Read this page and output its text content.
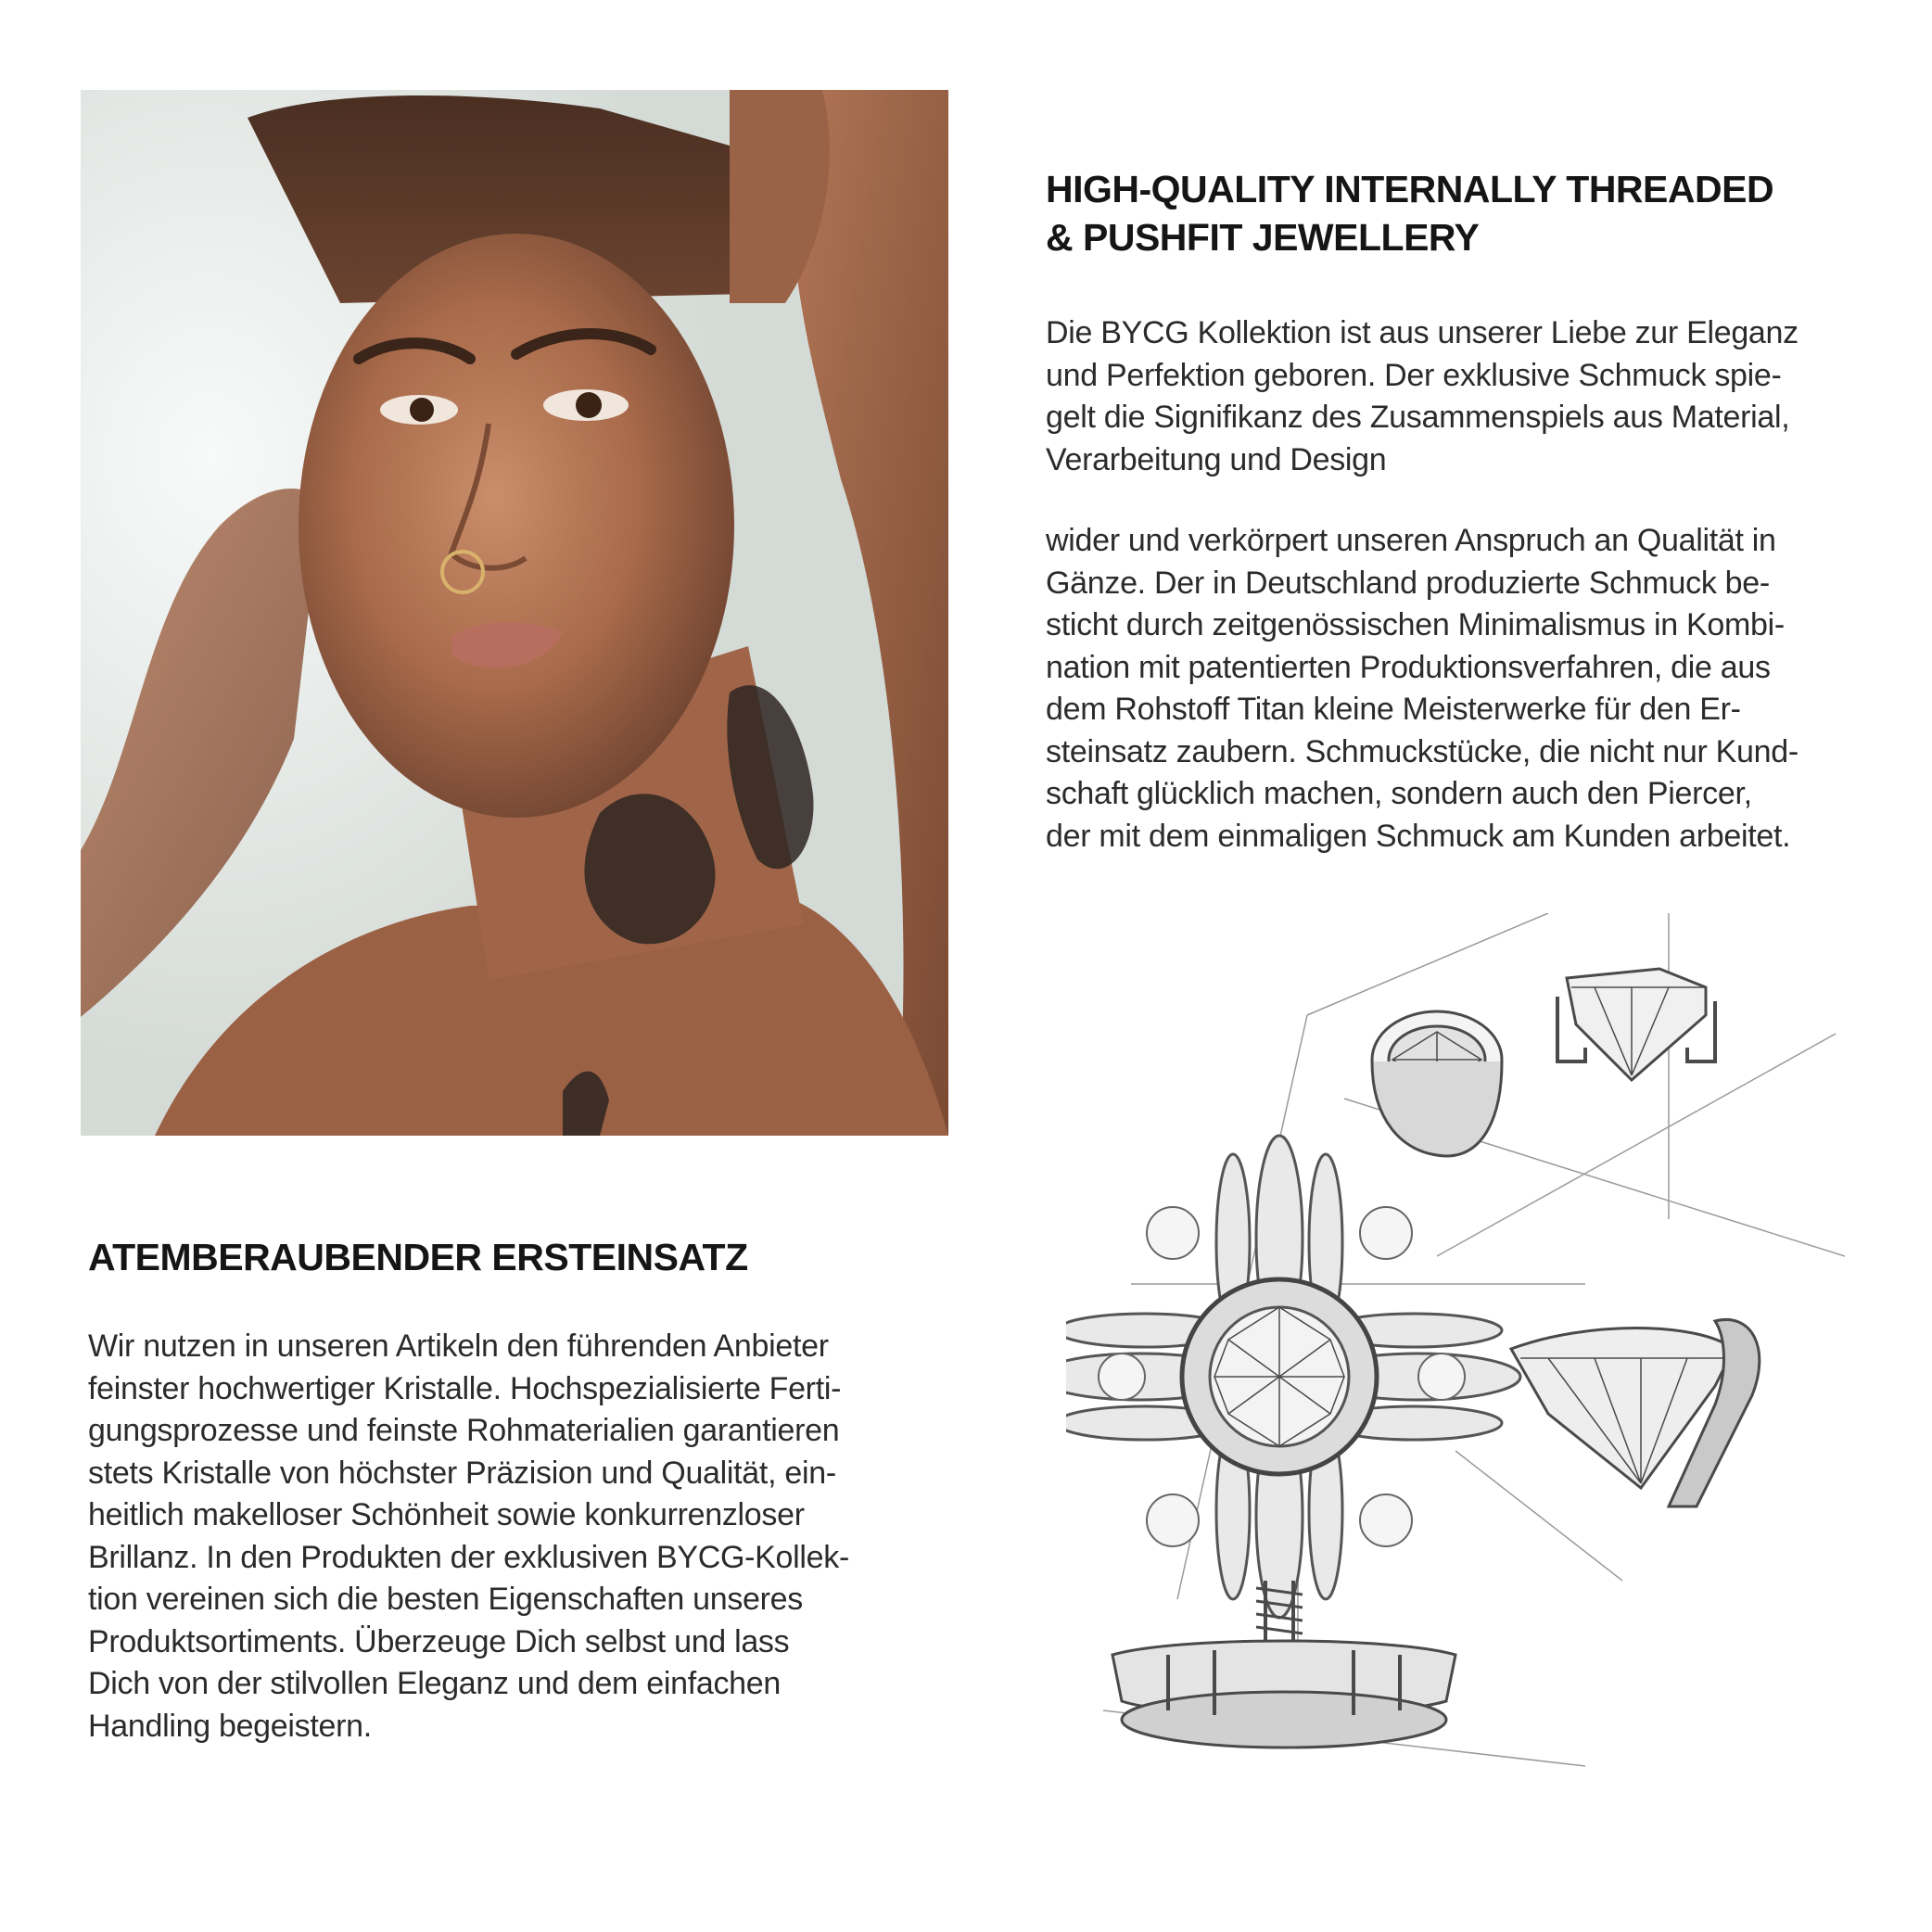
HIGH-QUALITY INTERNALLY THREADED
& PUSHFIT JEWELLERY
Die BYCG Kollektion ist aus unserer Liebe zur Eleganz
und Perfektion geboren. Der exklusive Schmuck spie-
gelt die Signifikanz des Zusammenspiels aus Material,
Verarbeitung und Design
wider und verkörpert unseren Anspruch an Qualität in
Gänze. Der in Deutschland produzierte Schmuck be-
sticht durch zeitgenössischen Minimalismus in Kombi-
nation mit patentierten Produktionsverfahren, die aus
dem Rohstoff Titan kleine Meisterwerke für den Er-
steinsatz zaubern. Schmuckstücke, die nicht nur Kund-
schaft glücklich machen, sondern auch den Piercer,
der mit dem einmaligen Schmuck am Kunden arbeitet.
ATEMBERAUBENDER ERSTEINSATZ
Wir nutzen in unseren Artikeln den führenden Anbieter
feinster hochwertiger Kristalle. Hochspezialisierte Ferti-
gungsprozesse und feinste Rohmaterialien garantieren
stets Kristalle von höchster Präzision und Qualität, ein-
heitlich makelloser Schönheit sowie konkurrenzloser
Brillanz. In den Produkten der exklusiven BYCG-Kollek-
tion vereinen sich die besten Eigenschaften unseres
Produktsortiments. Überzeuge Dich selbst und lass
Dich von der stilvollen Eleganz und dem einfachen
Handling begeistern.
